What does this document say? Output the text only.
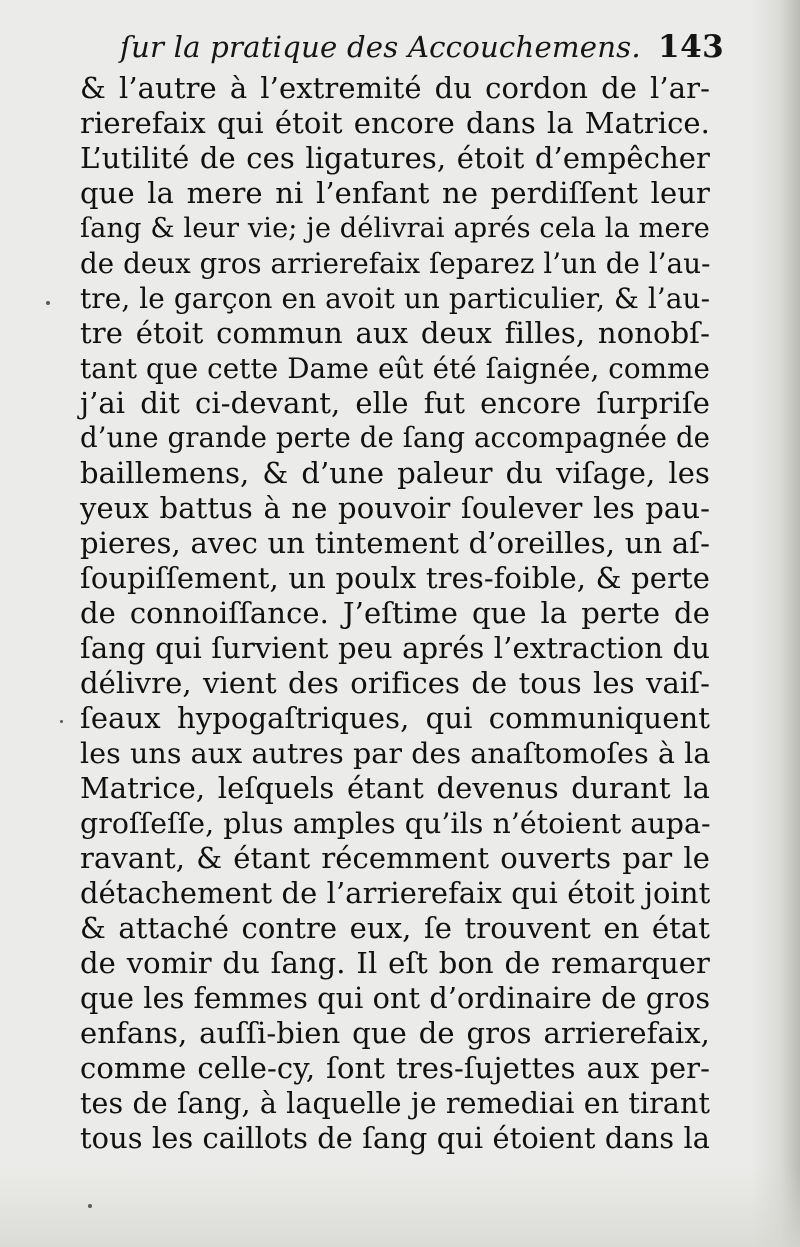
ſur la pratique des Accouchemens. 143
& l’autre à l’extremité du cordon de l’ar-
rierefaix qui étoit encore dans la Matrice.
L’utilité de ces ligatures, étoit d’empêcher
que la mere ni l’enfant ne perdiſſent leur
ſang & leur vie; je délivrai aprés cela la mere
de deux gros arrierefaix ſeparez l’un de l’au-
tre, le garçon en avoit un particulier, & l’au-
tre étoit commun aux deux filles, nonobſ-
tant que cette Dame eût été ſaignée, comme
j’ai dit ci-devant, elle fut encore ſurpriſe
d’une grande perte de ſang accompagnée de
baillemens, & d’une paleur du viſage, les
yeux battus à ne pouvoir ſoulever les pau-
pieres, avec un tintement d’oreilles, un aſ-
ſoupiſſement, un poulx tres-foible, & perte
de connoiſſance. J’eſtime que la perte de
ſang qui ſurvient peu aprés l’extraction du
délivre, vient des orifices de tous les vaiſ-
ſeaux hypogaſtriques, qui communiquent
les uns aux autres par des anaſtomoſes à la
Matrice, leſquels étant devenus durant la
groſſeſſe, plus amples qu’ils n’étoient aupa-
ravant, & étant récemment ouverts par le
détachement de l’arrierefaix qui étoit joint
& attaché contre eux, ſe trouvent en état
de vomir du ſang. Il eſt bon de remarquer
que les femmes qui ont d’ordinaire de gros
enfans, auſſi-bien que de gros arrierefaix,
comme celle-cy, ſont tres-ſujettes aux per-
tes de ſang, à laquelle je remediai en tirant
tous les caillots de ſang qui étoient dans la
